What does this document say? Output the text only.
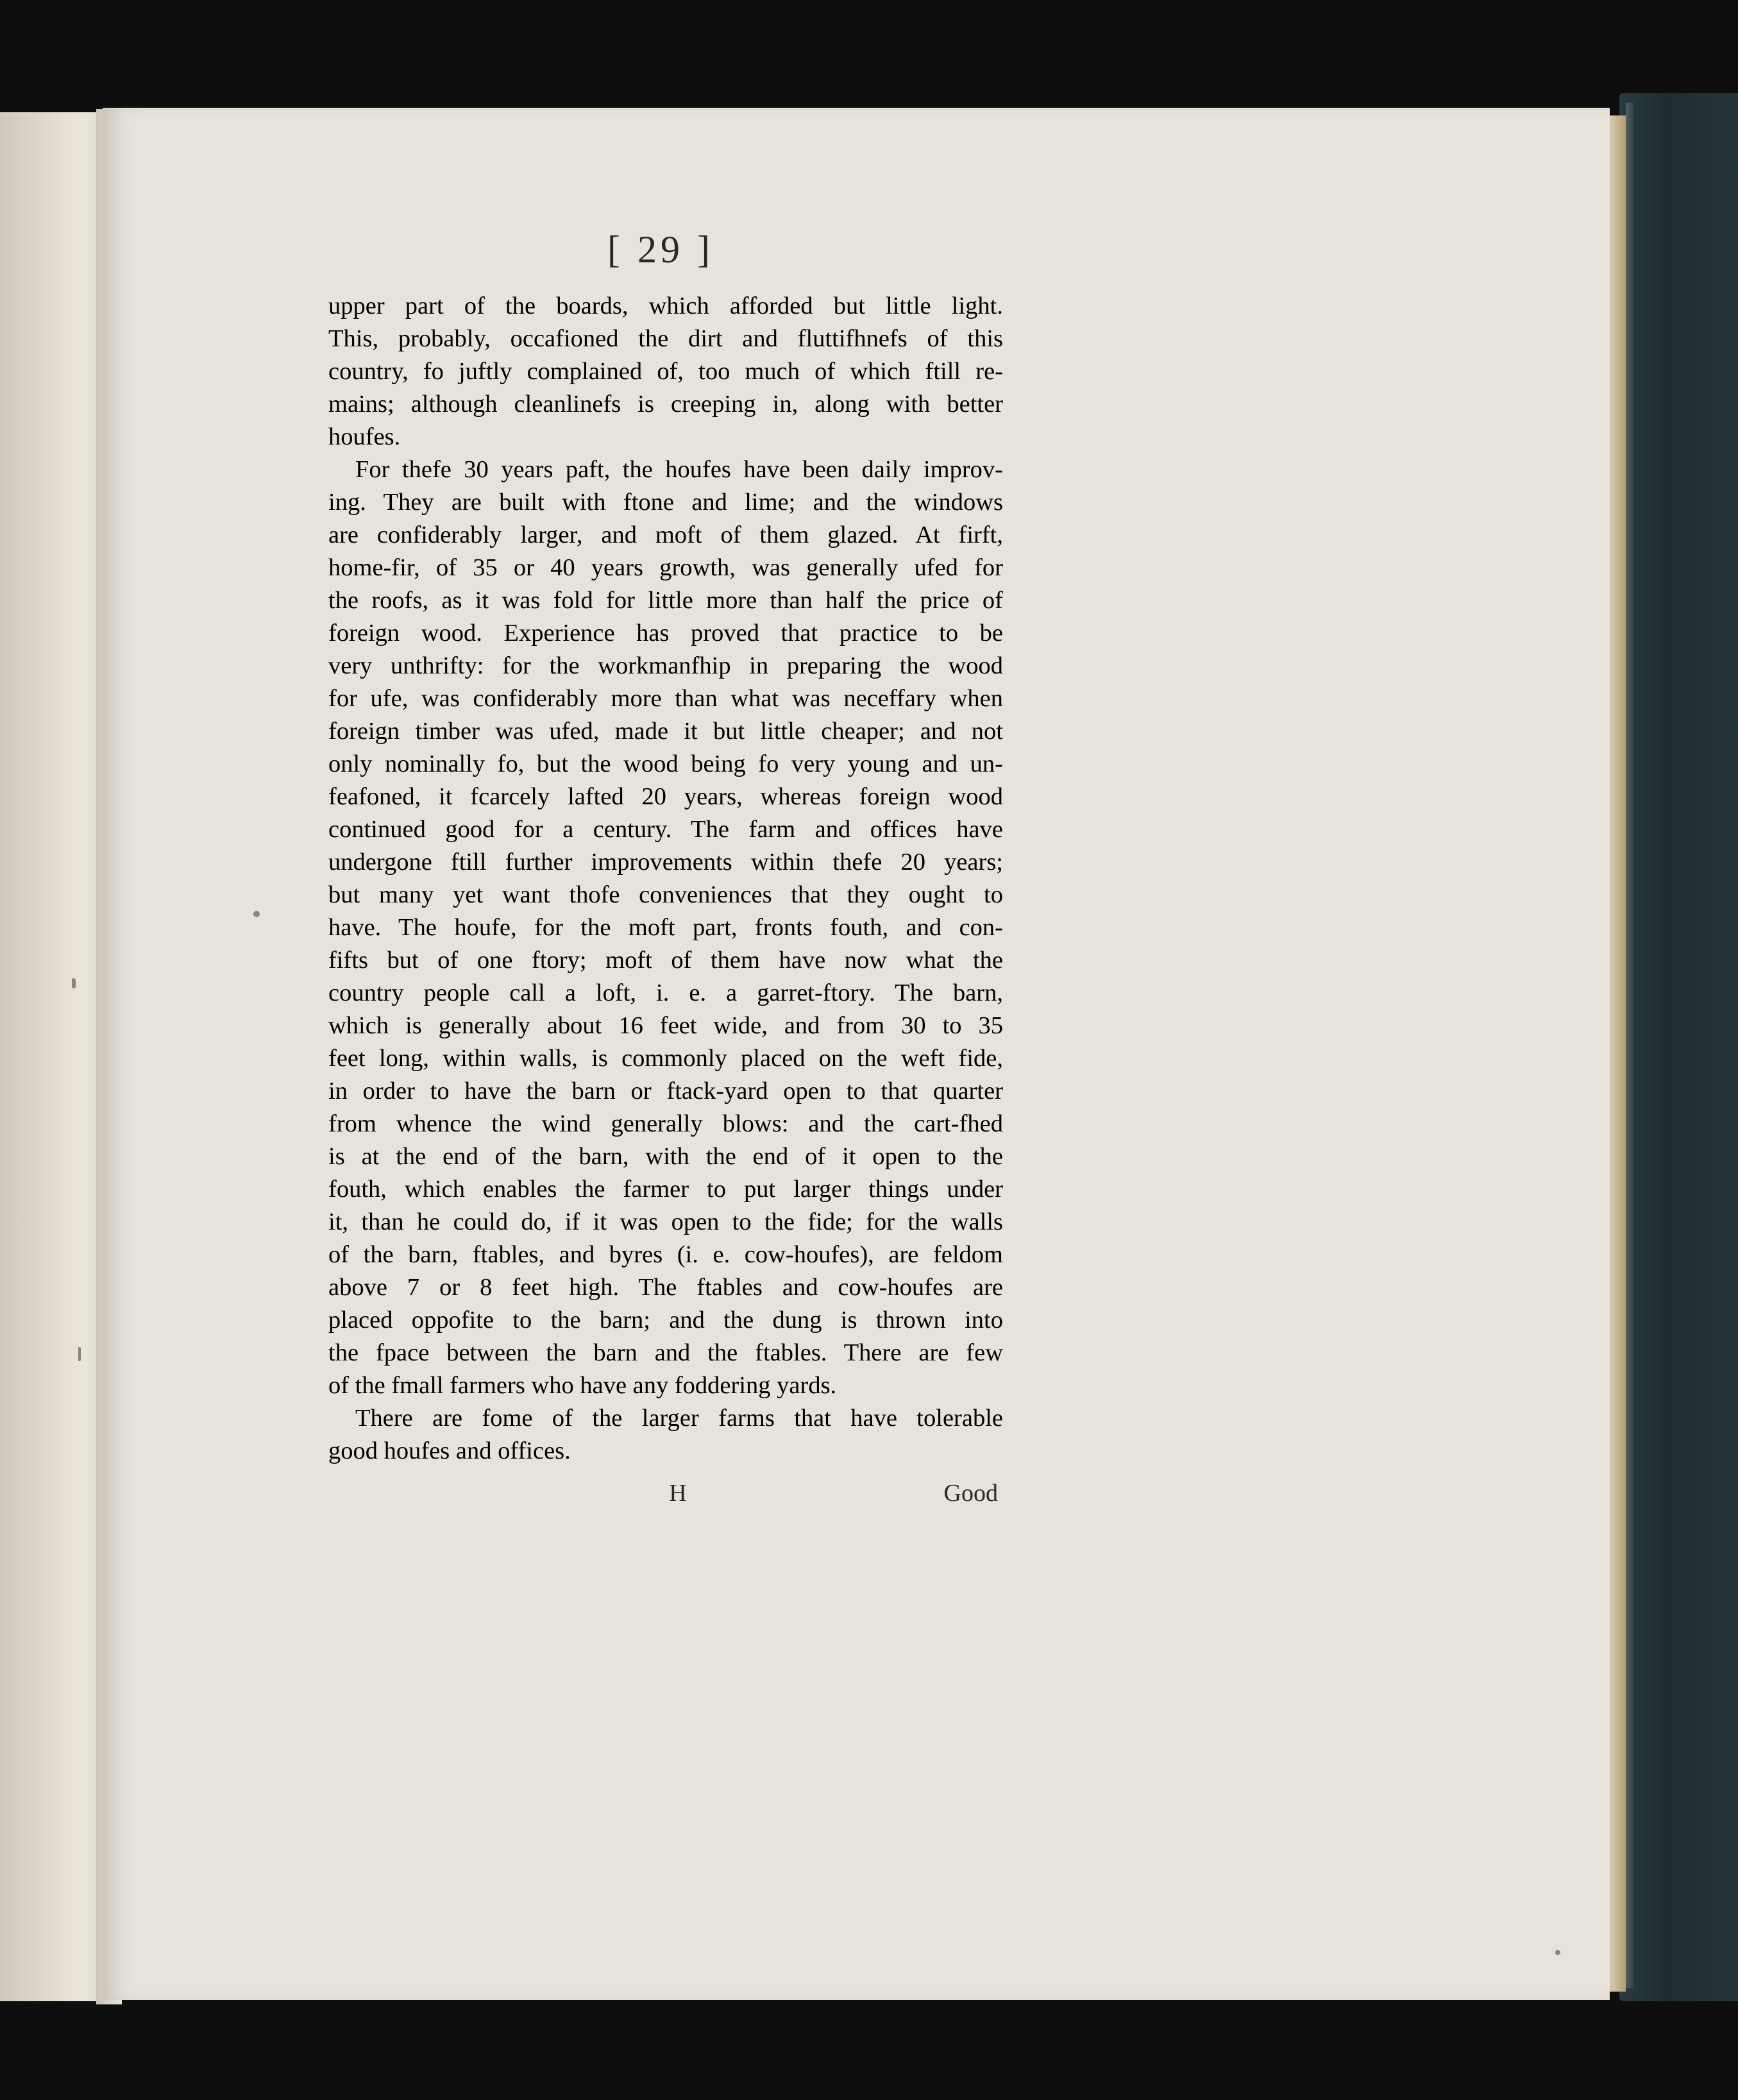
[ 29 ]
upper part of the boards, which afforded but little light.
This, probably, occafioned the dirt and fluttifhnefs of this
country, fo juftly complained of, too much of which ftill re-
mains; although cleanlinefs is creeping in, along with better
houfes.
For thefe 30 years paft, the houfes have been daily improv-
ing. They are built with ftone and lime; and the windows
are confiderably larger, and moft of them glazed. At firft,
home-fir, of 35 or 40 years growth, was generally ufed for
the roofs, as it was fold for little more than half the price of
foreign wood. Experience has proved that practice to be
very unthrifty: for the workmanfhip in preparing the wood
for ufe, was confiderably more than what was neceffary when
foreign timber was ufed, made it but little cheaper; and not
only nominally fo, but the wood being fo very young and un-
feafoned, it fcarcely lafted 20 years, whereas foreign wood
continued good for a century. The farm and offices have
undergone ftill further improvements within thefe 20 years;
but many yet want thofe conveniences that they ought to
have. The houfe, for the moft part, fronts fouth, and con-
fifts but of one ftory; moft of them have now what the
country people call a loft, i. e. a garret-ftory. The barn,
which is generally about 16 feet wide, and from 30 to 35
feet long, within walls, is commonly placed on the weft fide,
in order to have the barn or ftack-yard open to that quarter
from whence the wind generally blows: and the cart-fhed
is at the end of the barn, with the end of it open to the
fouth, which enables the farmer to put larger things under
it, than he could do, if it was open to the fide; for the walls
of the barn, ftables, and byres (i. e. cow-houfes), are feldom
above 7 or 8 feet high. The ftables and cow-houfes are
placed oppofite to the barn; and the dung is thrown into
the fpace between the barn and the ftables. There are few
of the fmall farmers who have any foddering yards.
There are fome of the larger farms that have tolerable
good houfes and offices.
H	Good
